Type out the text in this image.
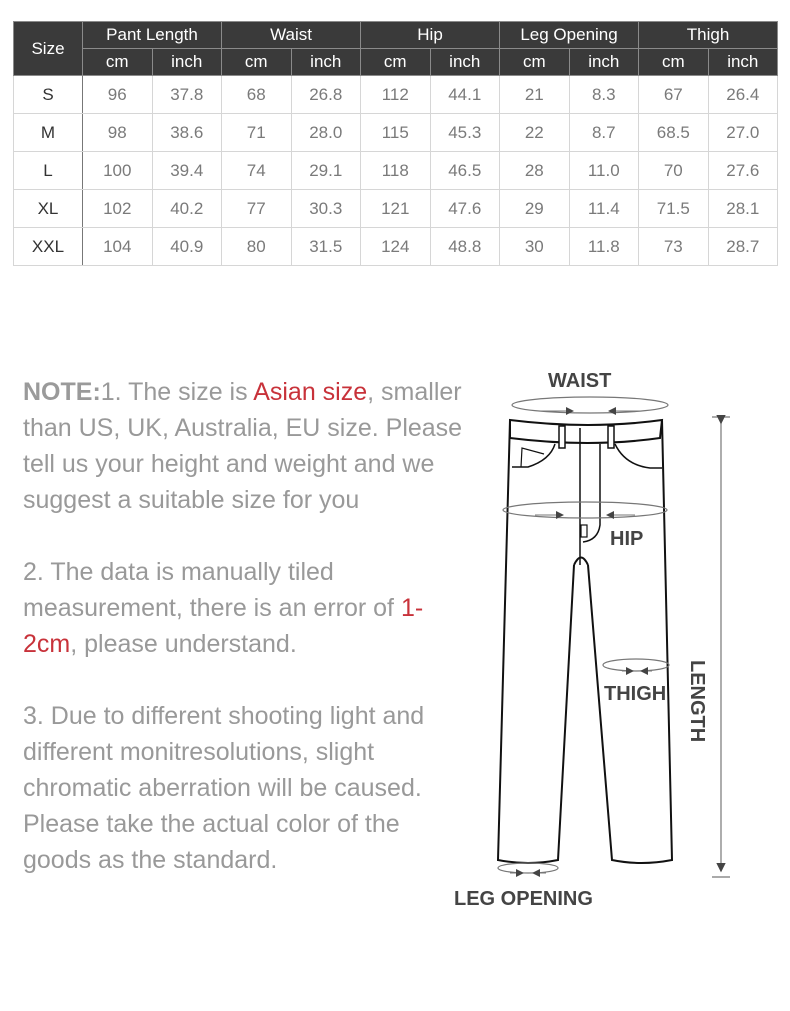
Size	Pant Length		Waist		Hip		Leg Opening		Thigh	
	cm	inch	cm	inch	cm	inch	cm	inch	cm	inch
S	96	37.8	68	26.8	112	44.1	21	8.3	67	26.4
M	98	38.6	71	28.0	115	45.3	22	8.7	68.5	27.0
L	100	39.4	74	29.1	118	46.5	28	11.0	70	27.6
XL	102	40.2	77	30.3	121	47.6	29	11.4	71.5	28.1
XXL	104	40.9	80	31.5	124	48.8	30	11.8	73	28.7

NOTE:1. The size is Asian size, smaller than US, UK, Australia, EU size. Please tell us your height and weight and we suggest a suitable size for you

2. The data is manually tiled measurement, there is an error of 1-2cm, please understand.

3. Due to different shooting light and different monitresolutions, slight chromatic aberration will be caused. Please take the actual color of the goods as the standard.

WAIST
HIP
THIGH LENGTH
LEG OPENING
